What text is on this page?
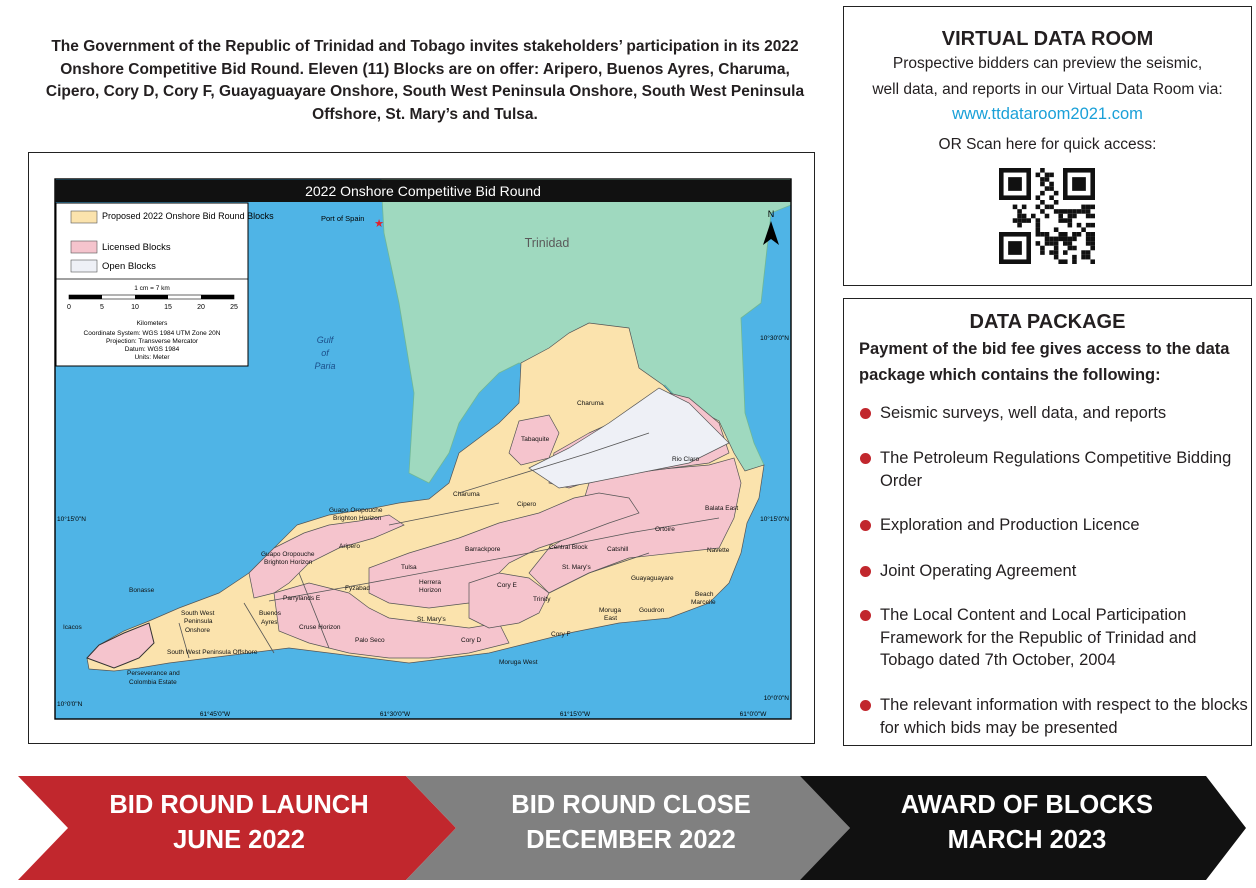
The Government of the Republic of Trinidad and Tobago invites stakeholders’ participation in its 2022 Onshore Competitive Bid Round. Eleven (11) Blocks are on offer: Aripero, Buenos Ayres, Charuma, Cipero, Cory D, Cory F, Guayaguayare Onshore, South West Peninsula Onshore, South West Peninsula Offshore, St. Mary’s and Tulsa.

2022 Onshore Competitive Bid Round
Proposed 2022 Onshore Bid Round Blocks
Licensed Blocks
Open Blocks
1 cm = 7 km
0	5	10	15	20	25
Kilometers
Coordinate System: WGS 1984 UTM Zone 20N
Projection: Transverse Mercator
Datum: WGS 1984
Units: Meter
N
Trinidad
Gulf
of
Paria
Port of Spain ★
10°30'0"N
10°15'0"N	10°15'0"N
10°0'0"N
10°0'0"N
61°45'0"W	61°30'0"W	61°15'0"W	61°0'0"W
Charuma
Tabaquite
Rio Claro
Charuma
Cipero
Balata East
Ortoire
Guapo Oropouche
Brighton Horizon
Aripero	Barrackpore	Central Block	Catshill	Navette
Guapo Oropouche
Brighton Horizon
Tulsa	St. Mary's
Fyzabad
Herrera
Horizon
Cory E
Guayaguayare
Bonasse
Parrylands E	Trinity
Beach
Marcelle
South West
Peninsula
Onshore
Buenos
Ayres
Moruga
East
Goudron
St. Mary's
Icacos	Cruse Horizon
Cory F
Cory D
Palo Seco
South West Peninsula Offshore
Perseverance and
Colombia Estate
Moruga West
VIRTUAL DATA ROOM

Prospective bidders can preview the seismic,

well data, and reports in our Virtual Data Room via:

www.ttdataroom2021.com

OR Scan here for quick access:

DATA PACKAGE

Payment of the bid fee gives access to the data package which contains the following:

Seismic surveys, well data, and reports
The Petroleum Regulations Competitive Bidding Order
Exploration and Production Licence
Joint Operating Agreement
The Local Content and Local Participation Framework for the Republic of Trinidad and Tobago dated 7th October, 2004
The relevant information with respect to the blocks for which bids may be presented
BID ROUND LAUNCH
JUNE 2022
BID ROUND CLOSE
DECEMBER 2022
AWARD OF BLOCKS
MARCH 2023
